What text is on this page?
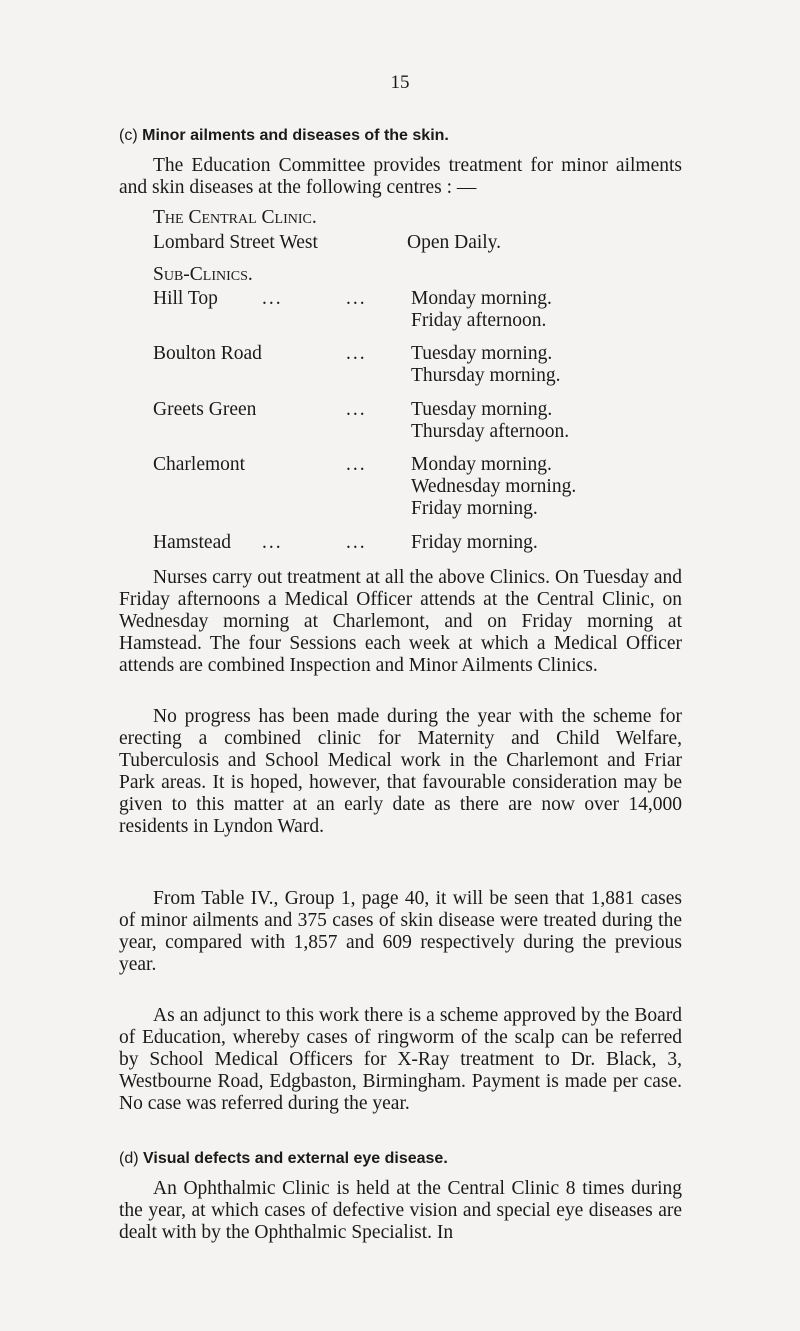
15
(c) Minor ailments and diseases of the skin.
The Education Committee provides treatment for minor ailments and skin diseases at the following centres : —
The Central Clinic.
Lombard Street West	Open Daily.
Sub-Clinics.
Hill Top ...	... Monday morning.
Friday afternoon.
Boulton Road	... Tuesday morning.
Thursday morning.
Greets Green	... Tuesday morning.
Thursday afternoon.
Charlemont	... Monday morning.
Wednesday morning.
Friday morning.
Hamstead ...	... Friday morning.
Nurses carry out treatment at all the above Clinics. On Tuesday and Friday afternoons a Medical Officer attends at the Central Clinic, on Wednesday morning at Charlemont, and on Friday morning at Hamstead. The four Sessions each week at which a Medical Officer attends are combined Inspection and Minor Ailments Clinics.
No progress has been made during the year with the scheme for erecting a combined clinic for Maternity and Child Welfare, Tuberculosis and School Medical work in the Charlemont and Friar Park areas. It is hoped, however, that favourable consideration may be given to this matter at an early date as there are now over 14,000 residents in Lyndon Ward.
From Table IV., Group 1, page 40, it will be seen that 1,881 cases of minor ailments and 375 cases of skin disease were treated during the year, compared with 1,857 and 609 respectively during the previous year.
As an adjunct to this work there is a scheme approved by the Board of Education, whereby cases of ringworm of the scalp can be referred by School Medical Officers for X-Ray treatment to Dr. Black, 3, Westbourne Road, Edgbaston, Birmingham. Payment is made per case. No case was referred during the year.
(d) Visual defects and external eye disease.
An Ophthalmic Clinic is held at the Central Clinic 8 times during the year, at which cases of defective vision and special eye diseases are dealt with by the Ophthalmic Specialist. In
